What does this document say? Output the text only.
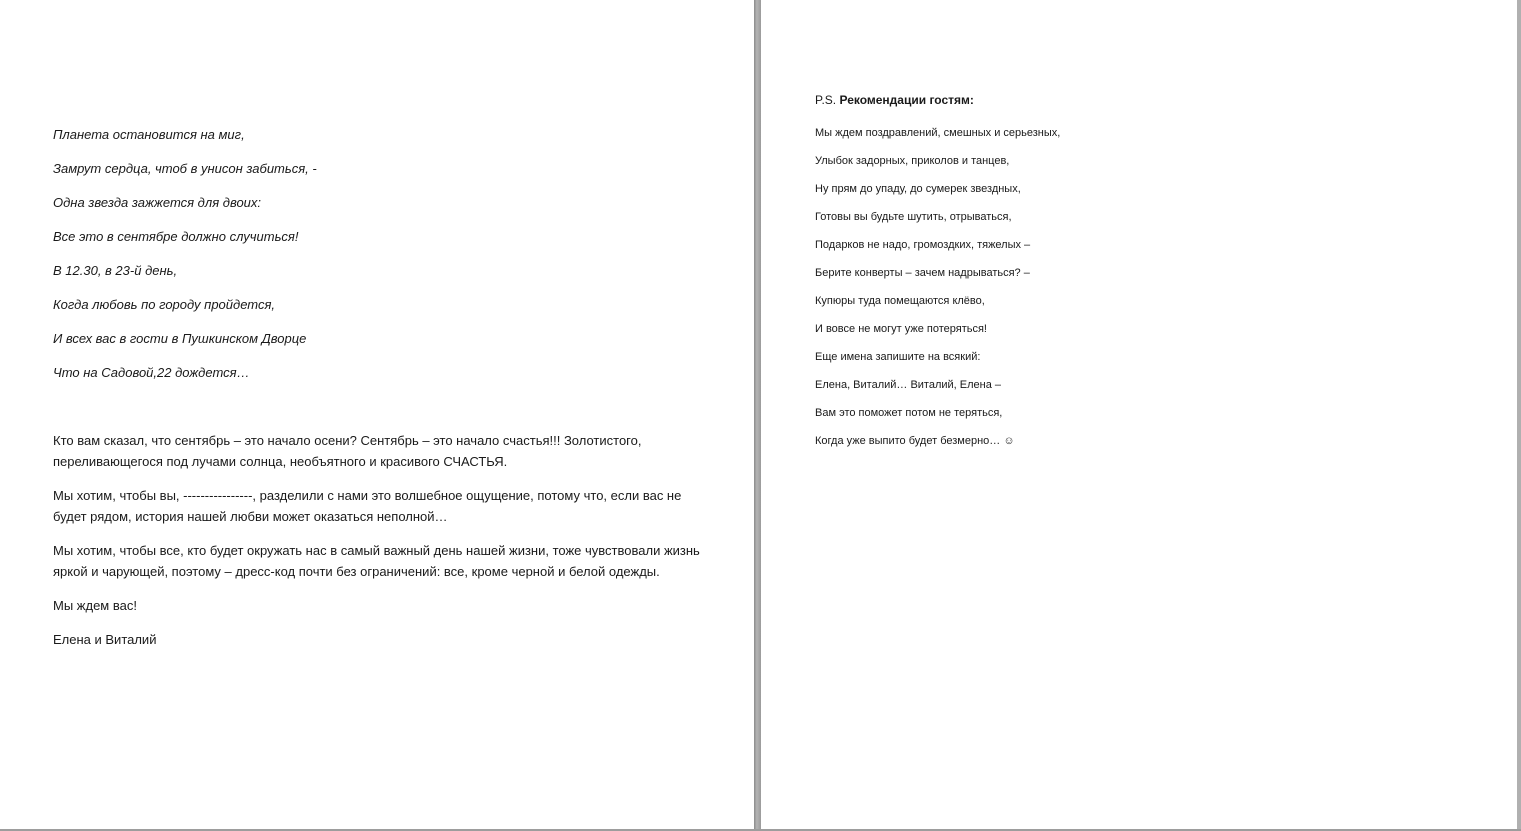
Планета остановится на миг,
Замрут сердца, чтоб в унисон забиться, -
Одна звезда зажжется для двоих:
Все это в сентябре должно случиться!
В 12.30, в 23-й день,
Когда любовь по городу пройдется,
И всех вас в гости в Пушкинском Дворце
Что на Садовой,22 дождется…

Кто вам сказал, что сентябрь – это начало осени? Сентябрь – это начало счастья!!! Золотистого, переливающегося под лучами солнца, необъятного и красивого СЧАСТЬЯ.

Мы хотим, чтобы вы, ----------------, разделили с нами это волшебное ощущение, потому что, если вас не будет рядом, история нашей любви может оказаться неполной…

Мы хотим, чтобы все, кто будет окружать нас в самый важный день нашей жизни, тоже чувствовали жизнь яркой и чарующей, поэтому – дресс-код почти без ограничений: все, кроме черной и белой одежды.

Мы ждем вас!

Елена и Виталий

P.S. Рекомендации гостям:

Мы ждем поздравлений, смешных и серьезных,
Улыбок задорных, приколов и танцев,
Ну прям до упаду, до сумерек звездных,
Готовы вы будьте шутить, отрываться,
Подарков не надо, громоздких, тяжелых –
Берите конверты – зачем надрываться? –
Купюры туда помещаются клёво,
И вовсе не могут уже потеряться!
Еще имена запишите на всякий:
Елена, Виталий… Виталий, Елена –
Вам это поможет потом не теряться,
Когда уже выпито будет безмерно… ☺
